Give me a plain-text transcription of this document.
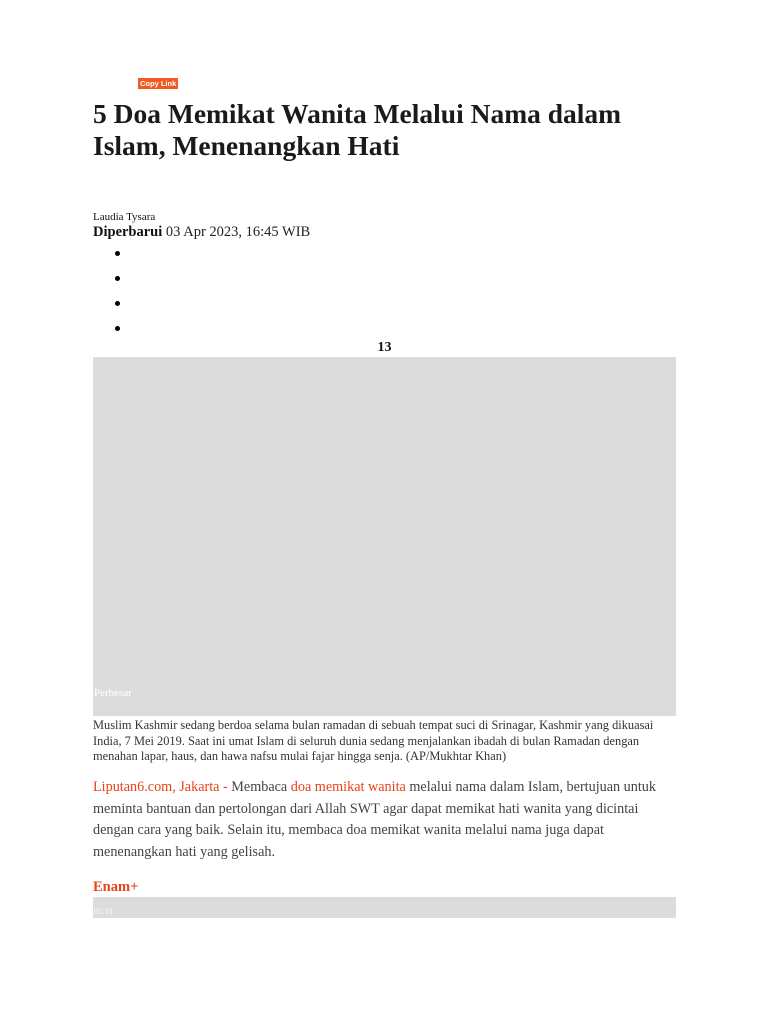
5 Doa Memikat Wanita Melalui Nama dalam Islam, Menenangkan Hati
Laudia Tysara
Diperbarui 03 Apr 2023, 16:45 WIB
Copy Link
13
Perbesar

Muslim Kashmir sedang berdoa selama bulan ramadan di sebuah tempat suci di Srinagar, Kashmir yang dikuasai India, 7 Mei 2019. Saat ini umat Islam di seluruh dunia sedang menjalankan ibadah di bulan Ramadan dengan menahan lapar, haus, dan hawa nafsu mulai fajar hingga senja. (AP/Mukhtar Khan)

Liputan6.com, Jakarta - Membaca doa memikat wanita melalui nama dalam Islam, bertujuan untuk meminta bantuan dan pertolongan dari Allah SWT agar dapat memikat hati wanita yang dicintai dengan cara yang baik. Selain itu, membaca doa memikat wanita melalui nama juga dapat menenangkan hati yang gelisah.

Enam+
01:10
